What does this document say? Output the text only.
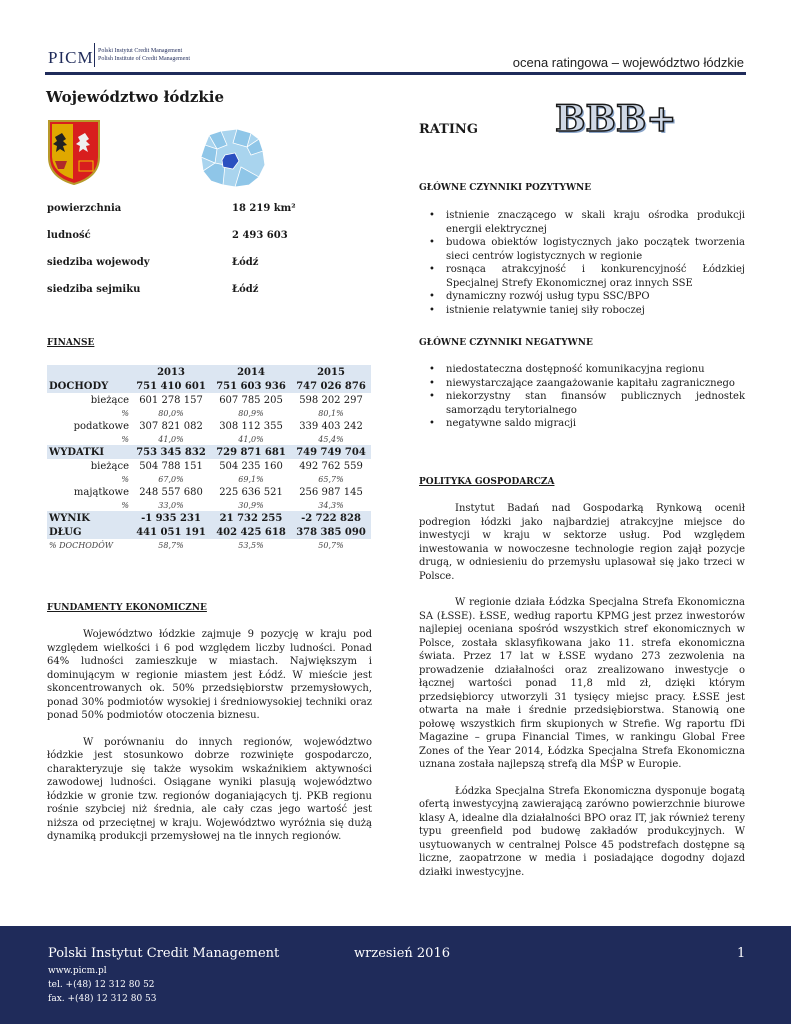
PICM Polski Instytut Credit Management
Polish Institute of Credit Management	ocena ratingowa – województwo łódzkie
Województwo łódzkie
powierzchnia	18 219 km²
ludność	2 493 603
siedziba wojewody	Łódź
siedziba sejmiku	Łódź
FINANSE
	2013	2014	2015
DOCHODY	751 410 601	751 603 936	747 026 876
bieżące	601 278 157	607 785 205	598 202 297
%	80,0%	80,9%	80,1%
podatkowe	307 821 082	308 112 355	339 403 242
%	41,0%	41,0%	45,4%
WYDATKI	753 345 832	729 871 681	749 749 704
bieżące	504 788 151	504 235 160	492 762 559
%	67,0%	69,1%	65,7%
majątkowe	248 557 680	225 636 521	256 987 145
%	33,0%	30,9%	34,3%
WYNIK	-1 935 231	21 732 255	-2 722 828
DŁUG	441 051 191	402 425 618	378 385 090
% DOCHODÓW	58,7%	53,5%	50,7%
FUNDAMENTY EKONOMICZNE

Województwo łódzkie zajmuje 9 pozycję w kraju pod względem wielkości i 6 pod względem liczby ludności. Ponad 64% ludności zamieszkuje w miastach. Największym i dominującym w regionie miastem jest Łódź. W mieście jest skoncentrowanych ok. 50% przedsiębiorstw przemysłowych, ponad 30% podmiotów wysokiej i średniowysokiej techniki oraz ponad 50% podmiotów otoczenia biznesu.

W porównaniu do innych regionów, województwo łódzkie jest stosunkowo dobrze rozwinięte gospodarczo, charakteryzuje się także wysokim wskaźnikiem aktywności zawodowej ludności. Osiągane wyniki plasują województwo łódzkie w gronie tzw. regionów doganiających tj. PKB regionu rośnie szybciej niż średnia, ale cały czas jego wartość jest niższa od przeciętnej w kraju. Województwo wyróżnia się dużą dynamiką produkcji przemysłowej na tle innych regionów.

RATING BBB+
GŁÓWNE CZYNNIKI POZYTYWNE
• istnienie znaczącego w skali kraju ośrodka produkcji energii elektrycznej
• budowa obiektów logistycznych jako początek tworzenia sieci centrów logistycznych w regionie
• rosnąca atrakcyjność i konkurencyjność Łódzkiej Specjalnej Strefy Ekonomicznej oraz innych SSE
• dynamiczny rozwój usług typu SSC/BPO
• istnienie relatywnie taniej siły roboczej
GŁÓWNE CZYNNIKI NEGATYWNE
• niedostateczna dostępność komunikacyjna regionu
• niewystarczające zaangażowanie kapitału zagranicznego
• niekorzystny stan finansów publicznych jednostek samorządu terytorialnego
• negatywne saldo migracji
POLITYKA GOSPODARCZA

Instytut Badań nad Gospodarką Rynkową ocenił podregion łódzki jako najbardziej atrakcyjne miejsce do inwestycji w kraju w sektorze usług. Pod względem inwestowania w nowoczesne technologie region zajął pozycje drugą, w odniesieniu do przemysłu uplasował się jako trzeci w Polsce.

W regionie działa Łódzka Specjalna Strefa Ekonomiczna SA (ŁSSE). ŁSSE, według raportu KPMG jest przez inwestorów najlepiej oceniana spośród wszystkich stref ekonomicznych w Polsce, została sklasyfikowana jako 11. strefa ekonomiczna świata. Przez 17 lat w ŁSSE wydano 273 zezwolenia na prowadzenie działalności oraz zrealizowano inwestycje o łącznej wartości ponad 11,8 mld zł, dzięki którym przedsiębiorcy utworzyli 31 tysięcy miejsc pracy. ŁSSE jest otwarta na małe i średnie przedsiębiorstwa. Stanowią one połowę wszystkich firm skupionych w Strefie. Wg raportu fDi Magazine – grupa Financial Times, w rankingu Global Free Zones of the Year 2014, Łódzka Specjalna Strefa Ekonomiczna uznana została najlepszą strefą dla MŚP w Europie.

Łódzka Specjalna Strefa Ekonomiczna dysponuje bogatą ofertą inwestycyjną zawierającą zarówno powierzchnie biurowe klasy A, idealne dla działalności BPO oraz IT, jak również tereny typu greenfield pod budowę zakładów produkcyjnych. W usytuowanych w centralnej Polsce 45 podstrefach dostępne są liczne, zaopatrzone w media i posiadające dogodny dojazd działki inwestycyjne.

Polski Instytut Credit Management	wrzesień 2016	1
www.picm.pl
tel. +(48) 12 312 80 52
fax. +(48) 12 312 80 53
